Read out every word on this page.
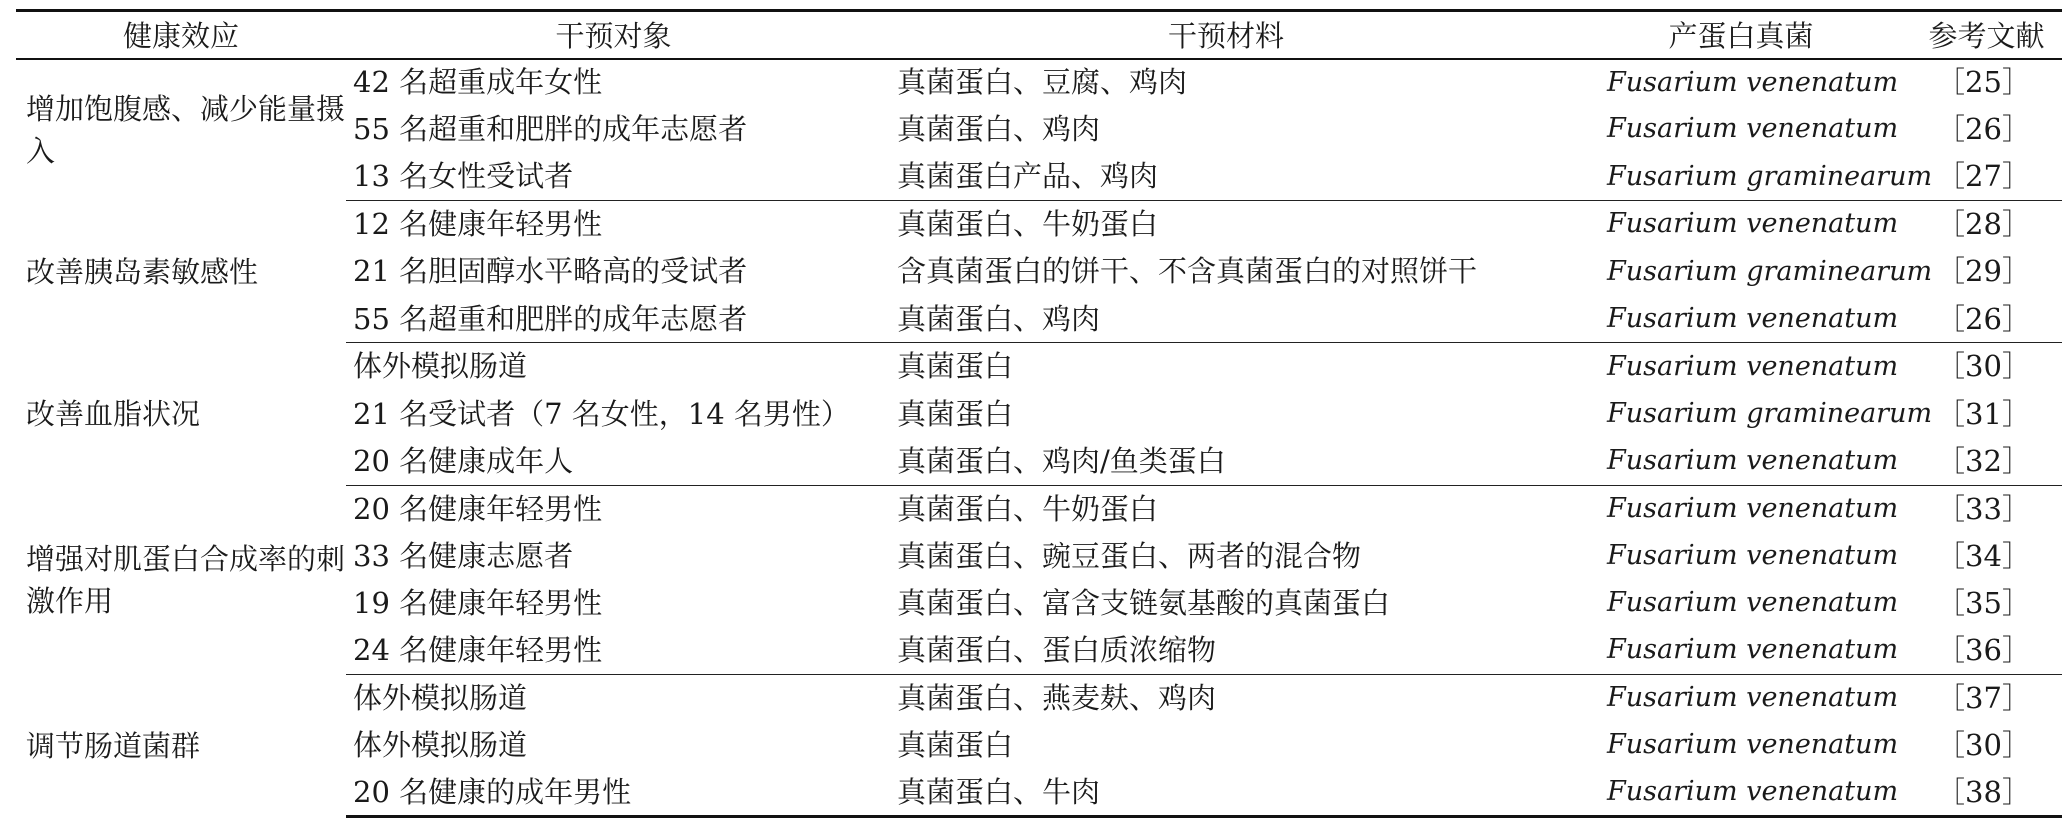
健康效应	干预对象	干预材料	产蛋白真菌	参考文献
增加饱腹感、减少能量摄入	42 名超重成年女性	真菌蛋白、豆腐、鸡肉	Fusarium venenatum	［25］
	55 名超重和肥胖的成年志愿者	真菌蛋白、鸡肉	Fusarium venenatum	［26］
	13 名女性受试者	真菌蛋白产品、鸡肉	Fusarium graminearum	［27］
改善胰岛素敏感性	12 名健康年轻男性	真菌蛋白、牛奶蛋白	Fusarium venenatum	［28］
	21 名胆固醇水平略高的受试者	含真菌蛋白的饼干、不含真菌蛋白的对照饼干	Fusarium graminearum	［29］
	55 名超重和肥胖的成年志愿者	真菌蛋白、鸡肉	Fusarium venenatum	［26］
改善血脂状况	体外模拟肠道	真菌蛋白	Fusarium venenatum	［30］
	21 名受试者（7 名女性，14 名男性）	真菌蛋白	Fusarium graminearum	［31］
	20 名健康成年人	真菌蛋白、鸡肉/鱼类蛋白	Fusarium venenatum	［32］
增强对肌蛋白合成率的刺激作用	20 名健康年轻男性	真菌蛋白、牛奶蛋白	Fusarium venenatum	［33］
	33 名健康志愿者	真菌蛋白、豌豆蛋白、两者的混合物	Fusarium venenatum	［34］
	19 名健康年轻男性	真菌蛋白、富含支链氨基酸的真菌蛋白	Fusarium venenatum	［35］
	24 名健康年轻男性	真菌蛋白、蛋白质浓缩物	Fusarium venenatum	［36］
调节肠道菌群	体外模拟肠道	真菌蛋白、燕麦麸、鸡肉	Fusarium venenatum	［37］
	体外模拟肠道	真菌蛋白	Fusarium venenatum	［30］
	20 名健康的成年男性	真菌蛋白、牛肉	Fusarium venenatum	［38］
